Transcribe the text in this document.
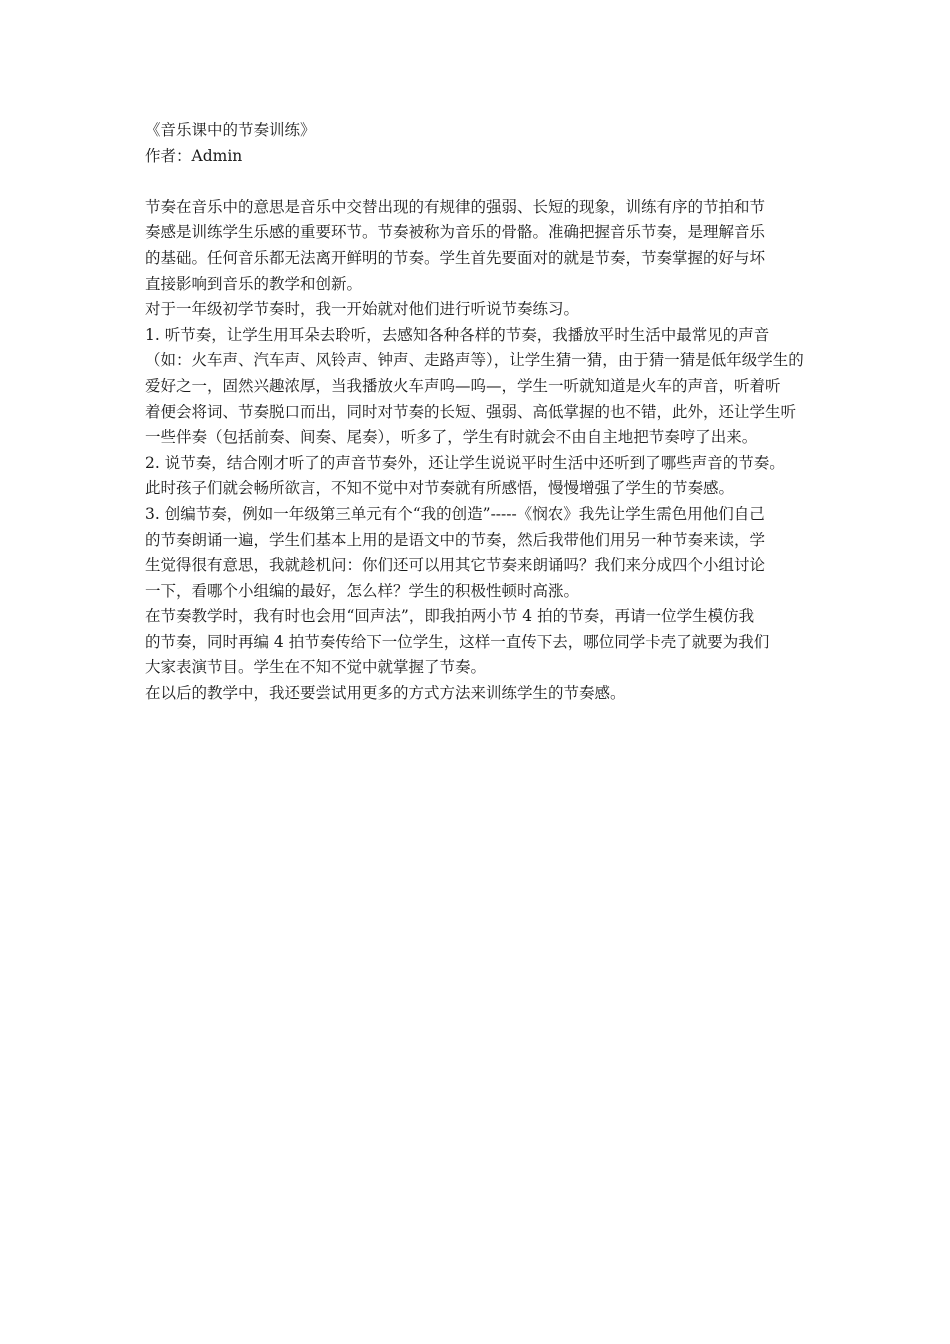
《音乐课中的节奏训练》
作者：Admin
节奏在音乐中的意思是音乐中交替出现的有规律的强弱、长短的现象，训练有序的节拍和节
奏感是训练学生乐感的重要环节。节奏被称为音乐的骨骼。准确把握音乐节奏，是理解音乐
的基础。任何音乐都无法离开鲜明的节奏。学生首先要面对的就是节奏，节奏掌握的好与坏
直接影响到音乐的教学和创新。
对于一年级初学节奏时，我一开始就对他们进行听说节奏练习。
1. 听节奏，让学生用耳朵去聆听，去感知各种各样的节奏，我播放平时生活中最常见的声音
（如：火车声、汽车声、风铃声、钟声、走路声等），让学生猜一猜，由于猜一猜是低年级学生的
爱好之一，固然兴趣浓厚，当我播放火车声呜—呜—，学生一听就知道是火车的声音，听着听
着便会将词、节奏脱口而出，同时对节奏的长短、强弱、高低掌握的也不错，此外，还让学生听
一些伴奏（包括前奏、间奏、尾奏），听多了，学生有时就会不由自主地把节奏哼了出来。
2. 说节奏，结合刚才听了的声音节奏外，还让学生说说平时生活中还听到了哪些声音的节奏。
此时孩子们就会畅所欲言，不知不觉中对节奏就有所感悟，慢慢增强了学生的节奏感。
3. 创编节奏，例如一年级第三单元有个“我的创造”-----《悯农》我先让学生需色用他们自己
的节奏朗诵一遍，学生们基本上用的是语文中的节奏，然后我带他们用另一种节奏来读，学
生觉得很有意思，我就趁机问：你们还可以用其它节奏来朗诵吗？我们来分成四个小组讨论
一下，看哪个小组编的最好，怎么样？学生的积极性顿时高涨。
在节奏教学时，我有时也会用“回声法”，即我拍两小节 4 拍的节奏，再请一位学生模仿我
的节奏，同时再编 4 拍节奏传给下一位学生，这样一直传下去，哪位同学卡壳了就要为我们
大家表演节目。学生在不知不觉中就掌握了节奏。
在以后的教学中，我还要尝试用更多的方式方法来训练学生的节奏感。
